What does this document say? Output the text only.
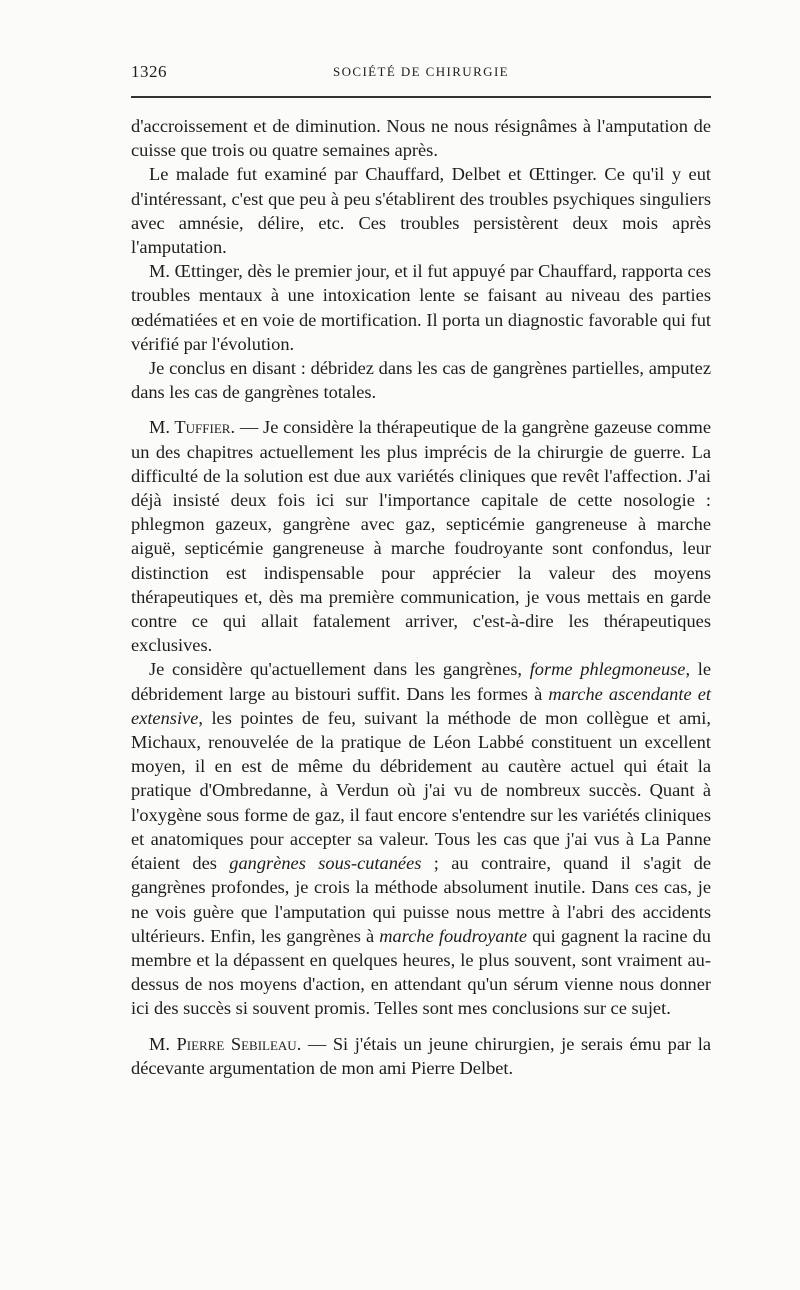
1326	SOCIÉTÉ DE CHIRURGIE

d'accroissement et de diminution. Nous ne nous résignâmes à l'amputation de cuisse que trois ou quatre semaines après.

Le malade fut examiné par Chauffard, Delbet et Œttinger. Ce qu'il y eut d'intéressant, c'est que peu à peu s'établirent des troubles psychiques singuliers avec amnésie, délire, etc. Ces troubles persistèrent deux mois après l'amputation.

M. Œttinger, dès le premier jour, et il fut appuyé par Chauffard, rapporta ces troubles mentaux à une intoxication lente se faisant au niveau des parties œdématiées et en voie de mortification. Il porta un diagnostic favorable qui fut vérifié par l'évolution.

Je conclus en disant : débridez dans les cas de gangrènes partielles, amputez dans les cas de gangrènes totales.

M. Tuffier. — Je considère la thérapeutique de la gangrène gazeuse comme un des chapitres actuellement les plus imprécis de la chirurgie de guerre. La difficulté de la solution est due aux variétés cliniques que revêt l'affection. J'ai déjà insisté deux fois ici sur l'importance capitale de cette nosologie : phlegmon gazeux, gangrène avec gaz, septicémie gangreneuse à marche aiguë, septicémie gangreneuse à marche foudroyante sont confondus, leur distinction est indispensable pour apprécier la valeur des moyens thérapeutiques et, dès ma première communication, je vous mettais en garde contre ce qui allait fatalement arriver, c'est-à-dire les thérapeutiques exclusives.

Je considère qu'actuellement dans les gangrènes, forme phlegmoneuse, le débridement large au bistouri suffit. Dans les formes à marche ascendante et extensive, les pointes de feu, suivant la méthode de mon collègue et ami, Michaux, renouvelée de la pratique de Léon Labbé constituent un excellent moyen, il en est de même du débridement au cautère actuel qui était la pratique d'Ombredanne, à Verdun où j'ai vu de nombreux succès. Quant à l'oxygène sous forme de gaz, il faut encore s'entendre sur les variétés cliniques et anatomiques pour accepter sa valeur. Tous les cas que j'ai vus à La Panne étaient des gangrènes sous-cutanées ; au contraire, quand il s'agit de gangrènes profondes, je crois la méthode absolument inutile. Dans ces cas, je ne vois guère que l'amputation qui puisse nous mettre à l'abri des accidents ultérieurs. Enfin, les gangrènes à marche foudroyante qui gagnent la racine du membre et la dépassent en quelques heures, le plus souvent, sont vraiment au-dessus de nos moyens d'action, en attendant qu'un sérum vienne nous donner ici des succès si souvent promis. Telles sont mes conclusions sur ce sujet.

M. Pierre Sebileau. — Si j'étais un jeune chirurgien, je serais ému par la décevante argumentation de mon ami Pierre Delbet.
